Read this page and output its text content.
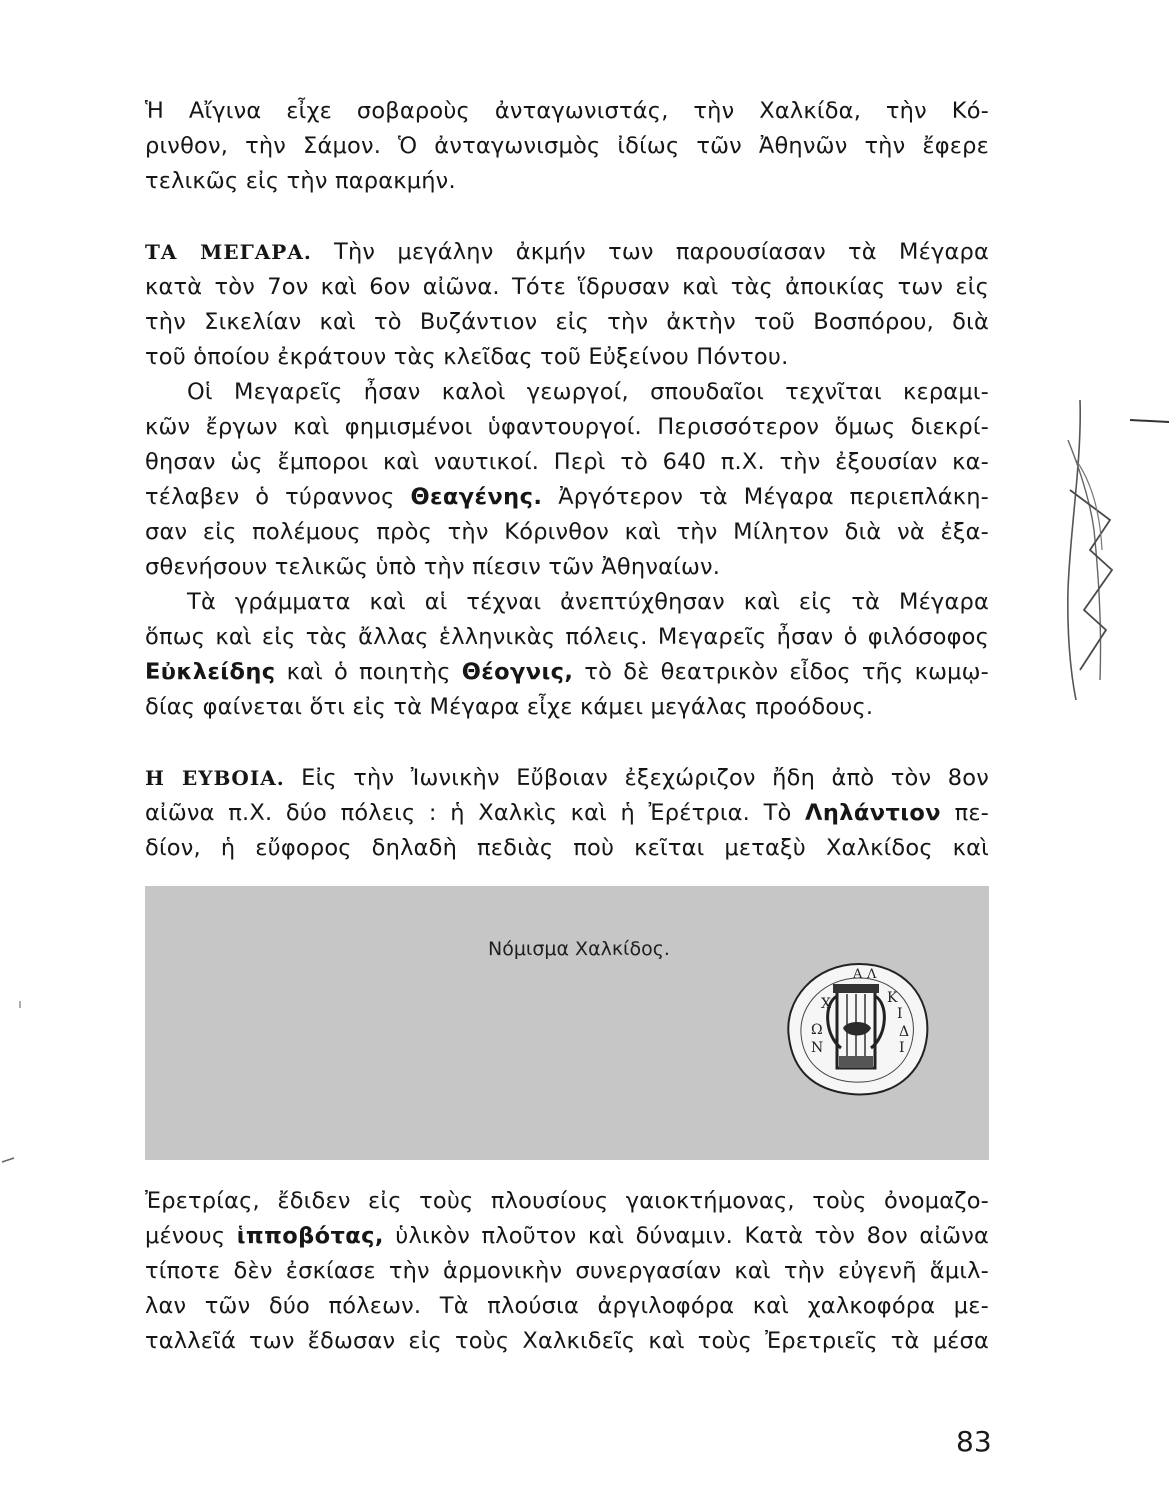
Ἡ Αἴγινα εἶχε σοβαροὺς ἀνταγωνιστάς, τὴν Χαλκίδα, τὴν Κό-
ρινθον, τὴν Σάμον. Ὁ ἀνταγωνισμὸς ἰδίως τῶν Ἀθηνῶν τὴν ἔφερε
τελικῶς εἰς τὴν παρακμήν.
ΤΑ ΜΕΓΑΡΑ. Τὴν μεγάλην ἀκμήν των παρουσίασαν τὰ Μέγαρα
κατὰ τὸν 7ον καὶ 6ον αἰῶνα. Τότε ἵδρυσαν καὶ τὰς ἀποικίας των εἰς
τὴν Σικελίαν καὶ τὸ Βυζάντιον εἰς τὴν ἀκτὴν τοῦ Βοσπόρου, διὰ
τοῦ ὁποίου ἐκράτουν τὰς κλεῖδας τοῦ Εὐξείνου Πόντου.
Οἱ Μεγαρεῖς ἦσαν καλοὶ γεωργοί, σπουδαῖοι τεχνῖται κεραμι-
κῶν ἔργων καὶ φημισμένοι ὑφαντουργοί. Περισσότερον ὅμως διεκρί-
θησαν ὡς ἔμποροι καὶ ναυτικοί. Περὶ τὸ 640 π.Χ. τὴν ἐξουσίαν κα-
τέλαβεν ὁ τύραννος Θεαγένης. Ἀργότερον τὰ Μέγαρα περιεπλάκη-
σαν εἰς πολέμους πρὸς τὴν Κόρινθον καὶ τὴν Μίλητον διὰ νὰ ἐξα-
σθενήσουν τελικῶς ὑπὸ τὴν πίεσιν τῶν Ἀθηναίων.
Τὰ γράμματα καὶ αἱ τέχναι ἀνεπτύχθησαν καὶ εἰς τὰ Μέγαρα
ὅπως καὶ εἰς τὰς ἄλλας ἑλληνικὰς πόλεις. Μεγαρεῖς ἦσαν ὁ φιλόσοφος
Εὐκλείδης καὶ ὁ ποιητὴς Θέογνις, τὸ δὲ θεατρικὸν εἶδος τῆς κωμῳ-
δίας φαίνεται ὅτι εἰς τὰ Μέγαρα εἶχε κάμει μεγάλας προόδους.
Η ΕΥΒΟΙΑ. Εἰς τὴν Ἰωνικὴν Εὔβοιαν ἐξεχώριζον ἤδη ἀπὸ τὸν 8ον
αἰῶνα π.Χ. δύο πόλεις : ἡ Χαλκὶς καὶ ἡ Ἐρέτρια. Τὸ Ληλάντιον πε-
δίον, ἡ εὔφορος δηλαδὴ πεδιὰς ποὺ κεῖται μεταξὺ Χαλκίδος καὶ
Νόμισμα Χαλκίδος.
Χ
Α Λ
Κ
Ι
Δ
Ι
Ω
Ν
Ἐρετρίας, ἔδιδεν εἰς τοὺς πλουσίους γαιοκτήμονας, τοὺς ὀνομαζο-
μένους ἱπποβότας, ὑλικὸν πλοῦτον καὶ δύναμιν. Κατὰ τὸν 8ον αἰῶνα
τίποτε δὲν ἐσκίασε τὴν ἁρμονικὴν συνεργασίαν καὶ τὴν εὐγενῆ ἅμιλ-
λαν τῶν δύο πόλεων. Τὰ πλούσια ἀργιλοφόρα καὶ χαλκοφόρα με-
ταλλεῖά των ἔδωσαν εἰς τοὺς Χαλκιδεῖς καὶ τοὺς Ἐρετριεῖς τὰ μέσα
83
